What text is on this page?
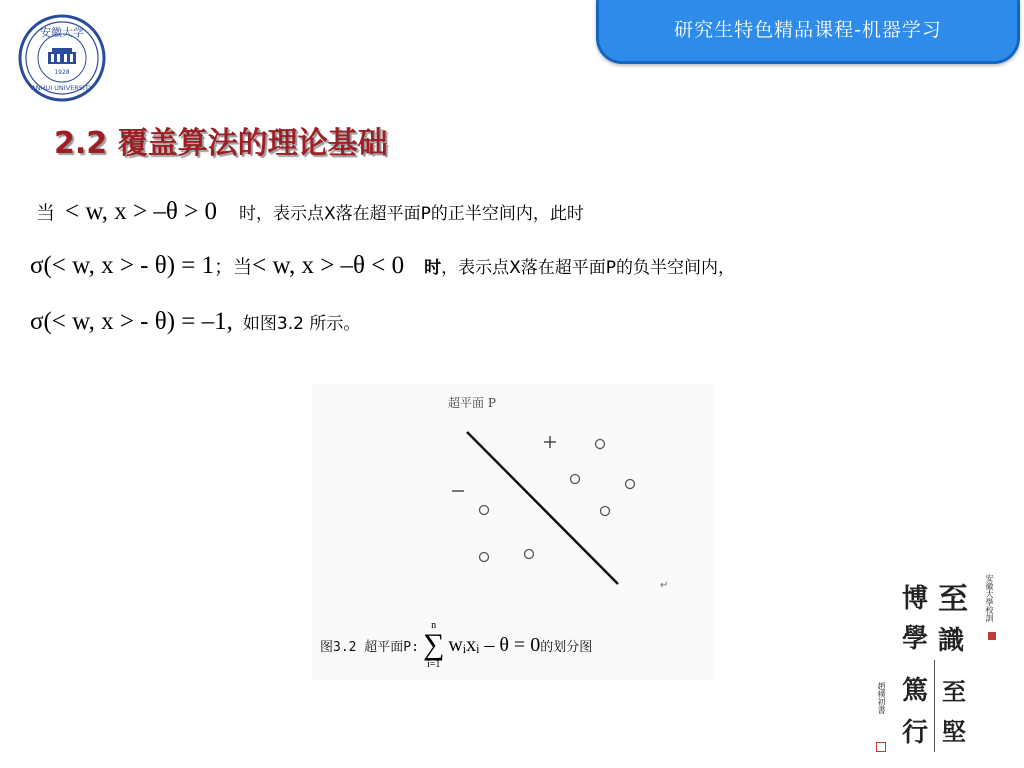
安徽大学
1928
ANHUI UNIVERSITY
研究生特色精品课程-机器学习
2.2 覆盖算法的理论基础
当 < w, x > –θ > 0 时，表示点X落在超平面P的正半空间内，此时
σ(< w, x > - θ) = 1 ；当 < w, x > –θ < 0 时 ，表示点X落在超平面P的负半空间内，
σ(< w, x > - θ) = –1, 如图3.2 所示。
超平面 P
↵
图3.2 超平面P:
n
∑
i=1
wᵢxᵢ – θ = 0 的划分图
博
學
至
識
篤
行
至
堅
安徽大學校訓
趙樸初書
